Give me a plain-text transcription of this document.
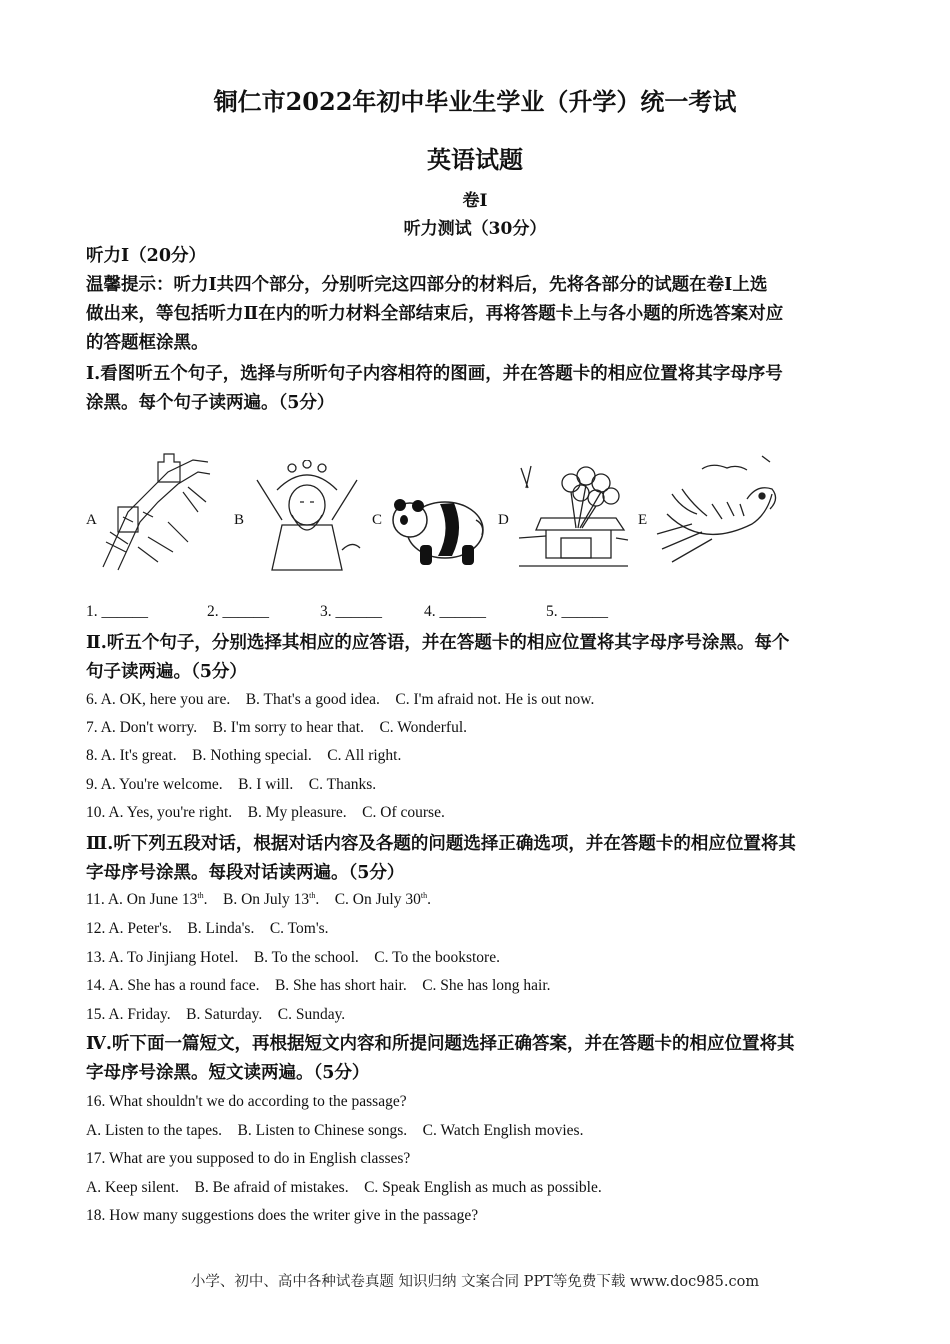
铜仁市2022年初中毕业生学业（升学）统一考试
英语试题
卷Ⅰ
听力测试（30分）
听力Ⅰ（20分）
温馨提示：听力Ⅰ共四个部分，分别听完这四部分的材料后，先将各部分的试题在卷Ⅰ上选
做出来，等包括听力Ⅱ在内的听力材料全部结束后，再将答题卡上与各小题的所选答案对应
的答题框涂黑。
Ⅰ.看图听五个句子，选择与所听句子内容相符的图画，并在答题卡的相应位置将其字母序号
涂黑。每个句子读两遍。（5分）
A	B	C	D	E
1. ______	2. ______	3. ______	4. ______	5. ______
Ⅱ.听五个句子，分别选择其相应的应答语，并在答题卡的相应位置将其字母序号涂黑。每个
句子读两遍。（5分）
6. A. OK, here you are.    B. That's a good idea.    C. I'm afraid not. He is out now.
7. A. Don't worry.    B. I'm sorry to hear that.    C. Wonderful.
8. A. It's great.    B. Nothing special.    C. All right.
9. A. You're welcome.    B. I will.    C. Thanks.
10. A. Yes, you're right.    B. My pleasure.    C. Of course.
Ⅲ.听下列五段对话，根据对话内容及各题的问题选择正确选项，并在答题卡的相应位置将其
字母序号涂黑。每段对话读两遍。（5分）
11. A. On June 13th.    B. On July 13th.    C. On July 30th.
12. A. Peter's.    B. Linda's.    C. Tom's.
13. A. To Jinjiang Hotel.    B. To the school.    C. To the bookstore.
14. A. She has a round face.    B. She has short hair.    C. She has long hair.
15. A. Friday.    B. Saturday.    C. Sunday.
Ⅳ.听下面一篇短文，再根据短文内容和所提问题选择正确答案，并在答题卡的相应位置将其
字母序号涂黑。短文读两遍。（5分）
16. What shouldn't we do according to the passage?
A. Listen to the tapes.    B. Listen to Chinese songs.    C. Watch English movies.
17. What are you supposed to do in English classes?
A. Keep silent.    B. Be afraid of mistakes.    C. Speak English as much as possible.
18. How many suggestions does the writer give in the passage?
小学、初中、高中各种试卷真题 知识归纳 文案合同 PPT等免费下载 www.doc985.com
